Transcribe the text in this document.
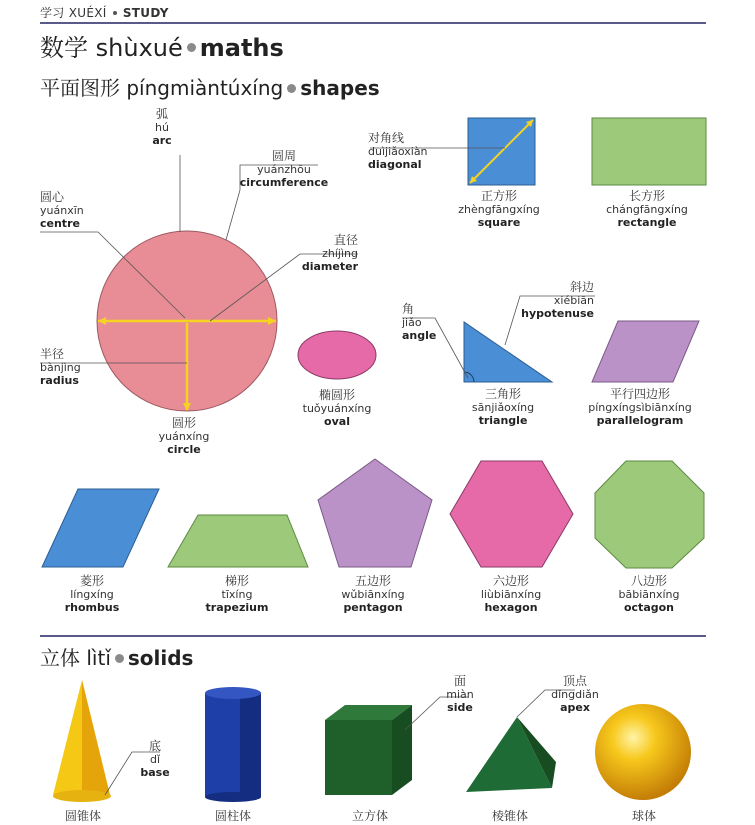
学习 XUÉXÍ STUDY
数学 shùxué maths
平面图形 píngmiàntúxíng shapes
弧
hú
arc
圆周
yuánzhōu
circumference
圆心
yuánxīn
centre
直径
zhíjìng
diameter
半径
bànjìng
radius
圆形
yuánxíng
circle
对角线
duìjiǎoxiàn
diagonal
正方形
zhèngfāngxíng
square
长方形
chángfāngxíng
rectangle
斜边
xiébiān
hypotenuse
角
jiǎo
angle
椭圆形
tuǒyuánxíng
oval
三角形
sānjiǎoxíng
triangle
平行四边形
píngxíngsìbiānxíng
parallelogram
菱形
língxíng
rhombus
梯形
tīxíng
trapezium
五边形
wǔbiānxíng
pentagon
六边形
liùbiānxíng
hexagon
八边形
bābiānxíng
octagon
立体 lìtǐ solids
底
dǐ
base
面
miàn
side
顶点
dǐngdiǎn
apex
圆锥体	圆柱体	立方体	棱锥体	球体
